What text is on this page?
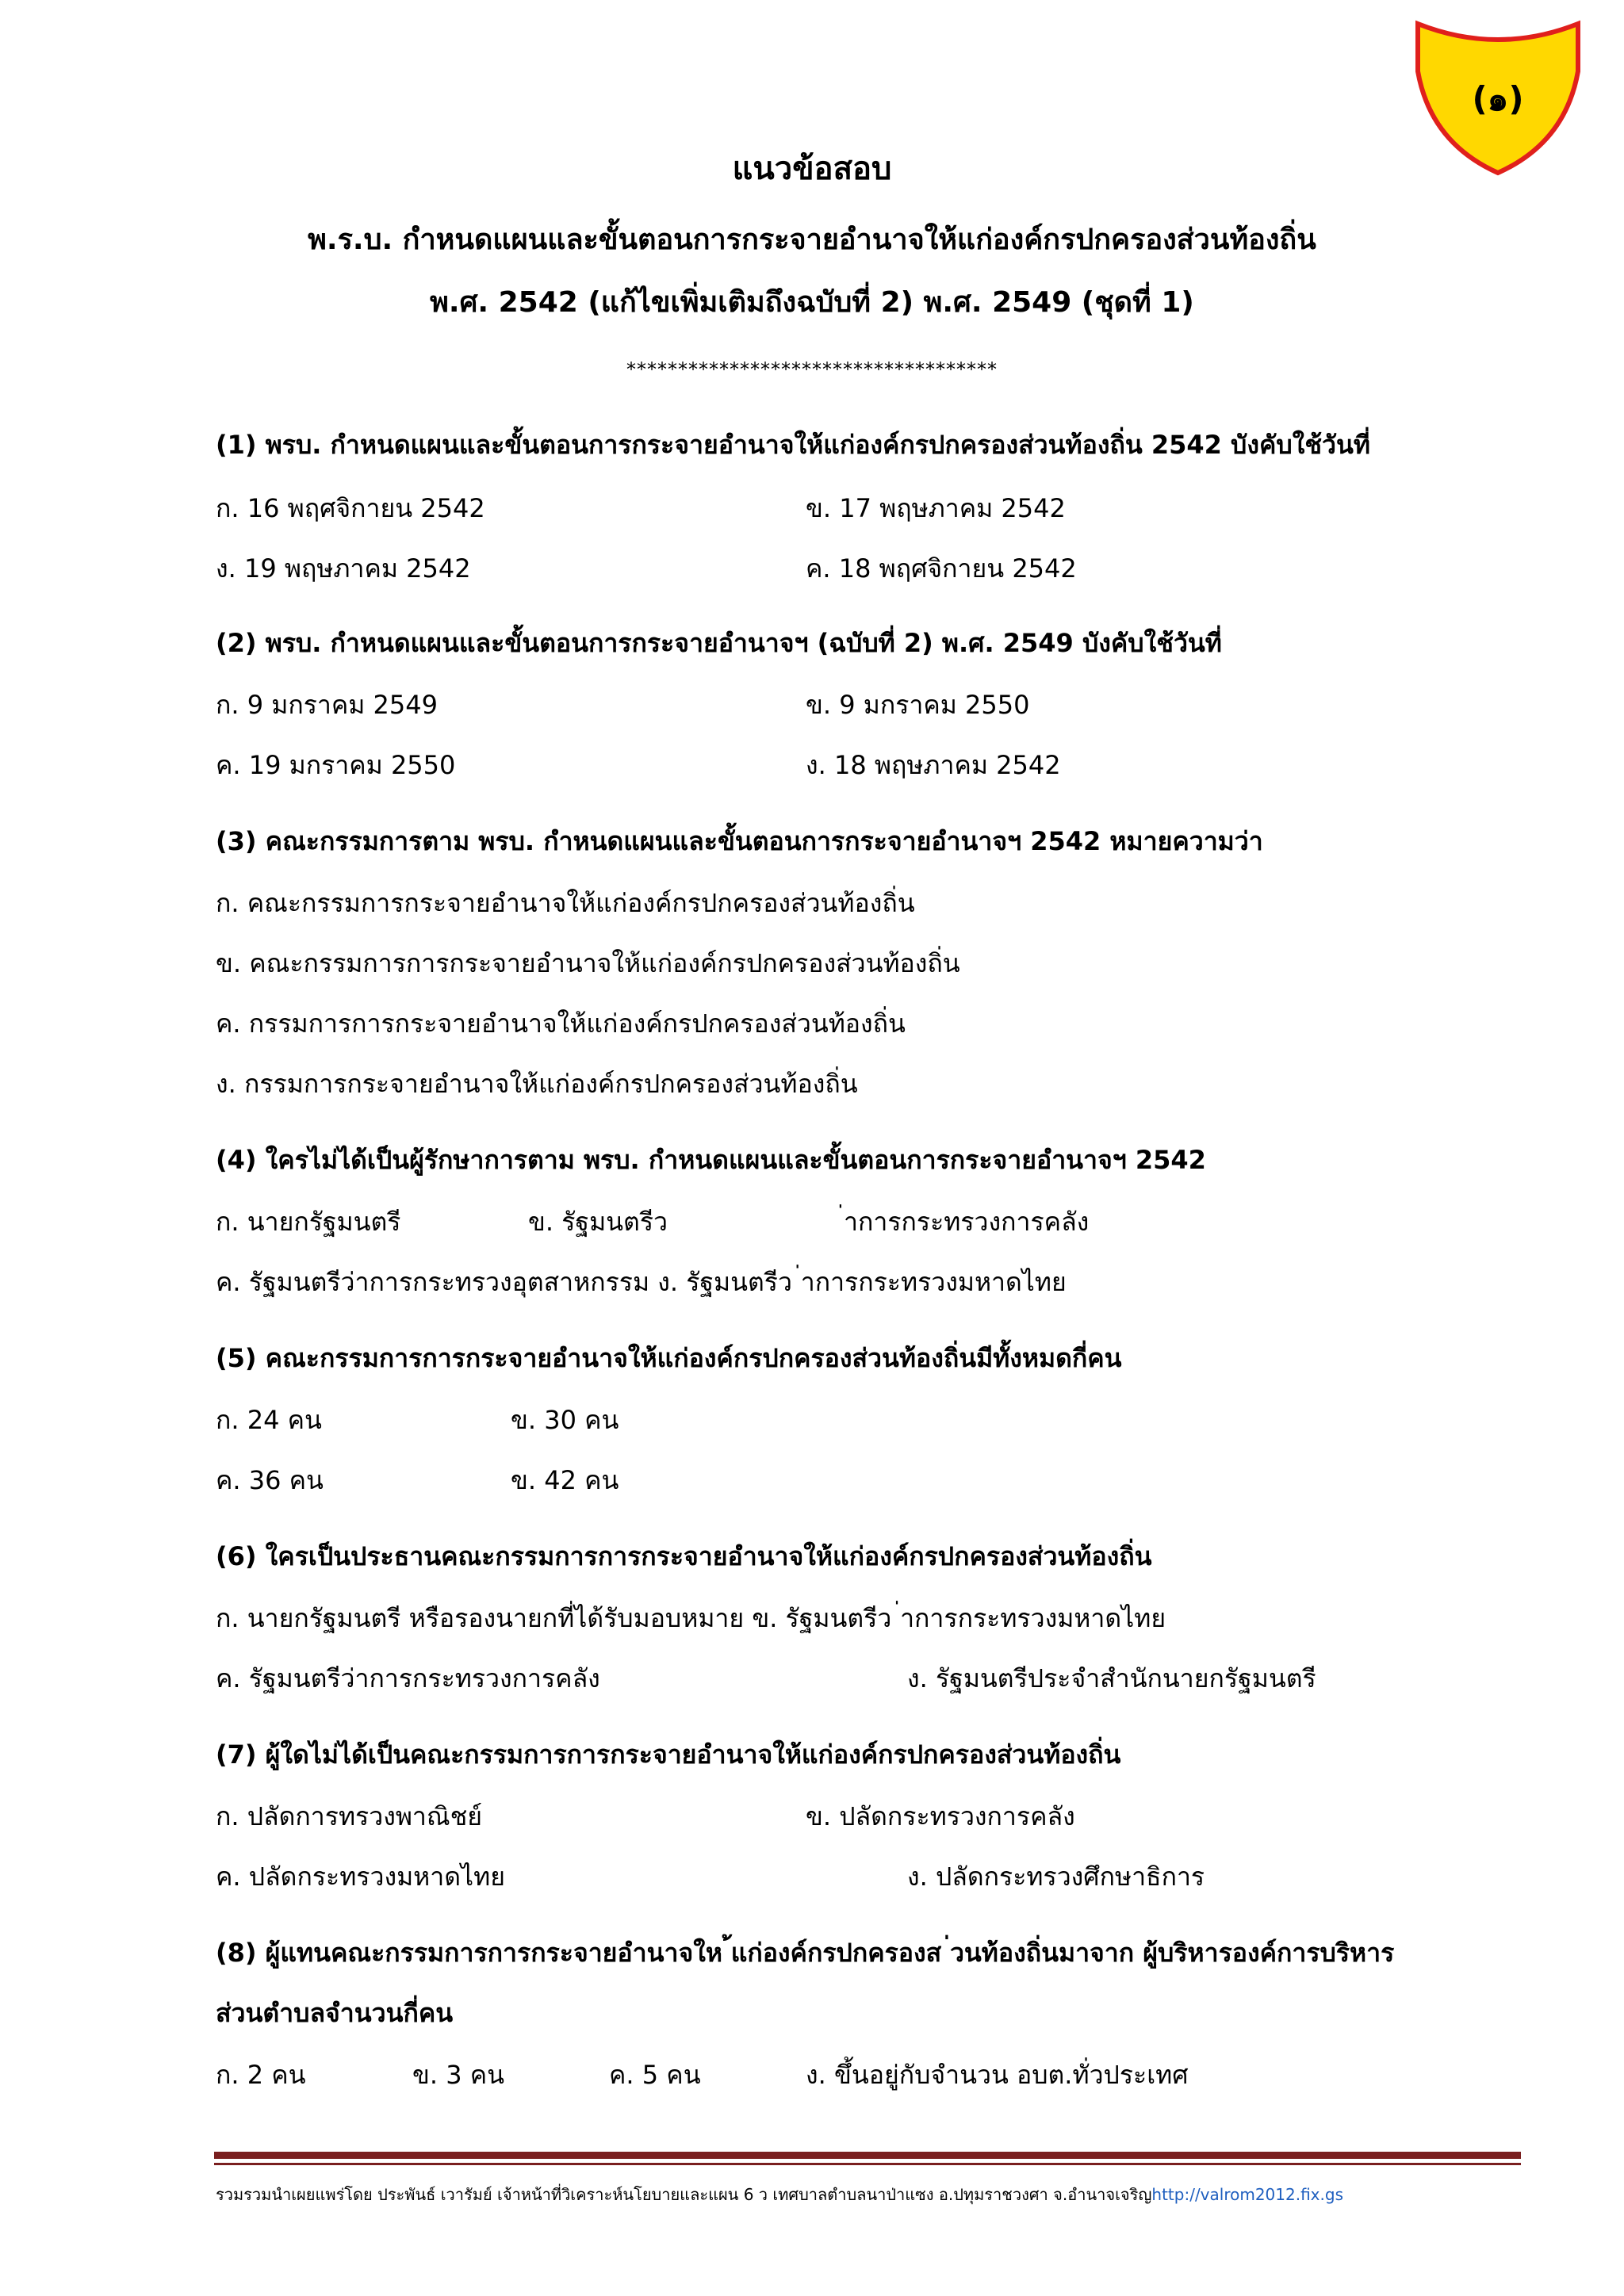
(๑)
แนวข้อสอบ
พ.ร.บ. กำหนดแผนและขั้นตอนการกระจายอำนาจให้แก่องค์กรปกครองส่วนท้องถิ่น
พ.ศ. 2542 (แก้ไขเพิ่มเติมถึงฉบับที่ 2) พ.ศ. 2549 (ชุดที่ 1)
************************************
(1) พรบ. กำหนดแผนและขั้นตอนการกระจายอำนาจให้แก่องค์กรปกครองส่วนท้องถิ่น 2542 บังคับใช้วันที่
ก. 16 พฤศจิกายน 2542	ข. 17 พฤษภาคม 2542
ง. 19 พฤษภาคม 2542	ค. 18 พฤศจิกายน 2542
(2) พรบ. กำหนดแผนและขั้นตอนการกระจายอำนาจฯ (ฉบับที่ 2) พ.ศ. 2549 บังคับใช้วันที่
ก. 9 มกราคม 2549	ข. 9 มกราคม 2550
ค. 19 มกราคม 2550	ง. 18 พฤษภาคม 2542
(3) คณะกรรมการตาม พรบ. กำหนดแผนและขั้นตอนการกระจายอำนาจฯ 2542 หมายความว่า
ก. คณะกรรมการกระจายอำนาจให้แก่องค์กรปกครองส่วนท้องถิ่น
ข. คณะกรรมการการกระจายอำนาจให้แก่องค์กรปกครองส่วนท้องถิ่น
ค. กรรมการการกระจายอำนาจให้แก่องค์กรปกครองส่วนท้องถิ่น
ง. กรรมการกระจายอำนาจให้แก่องค์กรปกครองส่วนท้องถิ่น
(4) ใครไม่ได้เป็นผู้รักษาการตาม พรบ. กำหนดแผนและขั้นตอนการกระจายอำนาจฯ 2542
ก. นายกรัฐมนตรี	ข. รัฐมนตรีว	่าการกระทรวงการคลัง
ค. รัฐมนตรีว่าการกระทรวงอุตสาหกรรม ง. รัฐมนตรีว ่าการกระทรวงมหาดไทย
(5) คณะกรรมการการกระจายอำนาจให้แก่องค์กรปกครองส่วนท้องถิ่นมีทั้งหมดกี่คน
ก. 24 คน	ข. 30 คน
ค. 36 คน	ข. 42 คน
(6) ใครเป็นประธานคณะกรรมการการกระจายอำนาจให้แก่องค์กรปกครองส่วนท้องถิ่น
ก. นายกรัฐมนตรี หรือรองนายกที่ได้รับมอบหมาย ข. รัฐมนตรีว ่าการกระทรวงมหาดไทย
ค. รัฐมนตรีว่าการกระทรวงการคลัง	ง. รัฐมนตรีประจำสำนักนายกรัฐมนตรี
(7) ผู้ใดไม่ได้เป็นคณะกรรมการการกระจายอำนาจให้แก่องค์กรปกครองส่วนท้องถิ่น
ก. ปลัดการทรวงพาณิชย์	ข. ปลัดกระทรวงการคลัง
ค. ปลัดกระทรวงมหาดไทย	ง. ปลัดกระทรวงศึกษาธิการ
(8) ผู้แทนคณะกรรมการการกระจายอำนาจให ้แก่องค์กรปกครองส ่วนท้องถิ่นมาจาก ผู้บริหารองค์การบริหาร
ส่วนตำบลจำนวนกี่คน
ก. 2 คน	ข. 3 คน	ค. 5 คน	ง. ขึ้นอยู่กับจำนวน อบต.ทั่วประเทศ
รวมรวมนำเผยแพร่โดย ประพันธ์ เวารัมย์ เจ้าหน้าที่วิเคราะห์นโยบายและแผน 6 ว เทศบาลตำบลนาป่าแซง อ.ปทุมราชวงศา จ.อำนาจเจริญhttp://valrom2012.fix.gs
